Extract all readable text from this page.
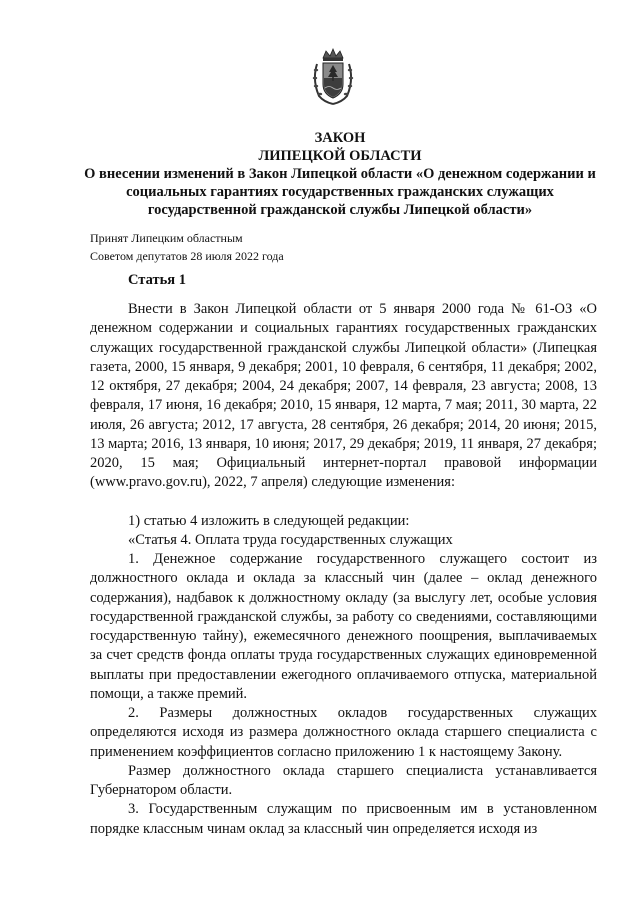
ЗАКОН
ЛИПЕЦКОЙ ОБЛАСТИ
О внесении изменений в Закон Липецкой области «О денежном содержании и социальных гарантиях государственных гражданских служащих государственной гражданской службы Липецкой области»
Принят Липецким областным
Советом депутатов 28 июля 2022 года
Статья 1

Внести в Закон Липецкой области от 5 января 2000 года № 61-ОЗ «О денежном содержании и социальных гарантиях государственных гражданских служащих государственной гражданской службы Липецкой области» (Липецкая газета, 2000, 15 января, 9 декабря; 2001, 10 февраля, 6 сентября, 11 декабря; 2002, 12 октября, 27 декабря; 2004, 24 декабря; 2007, 14 февраля, 23 августа; 2008, 13 февраля, 17 июня, 16 декабря; 2010, 15 января, 12 марта, 7 мая; 2011, 30 марта, 22 июля, 26 августа; 2012, 17 августа, 28 сентября, 26 декабря; 2014, 20 июня; 2015, 13 марта; 2016, 13 января, 10 июня; 2017, 29 декабря; 2019, 11 января, 27 декабря; 2020, 15 мая; Официальный интернет-портал правовой информации (www.pravo.gov.ru), 2022, 7 апреля) следующие изменения:

1) статью 4 изложить в следующей редакции:

«Статья 4. Оплата труда государственных служащих

1. Денежное содержание государственного служащего состоит из должностного оклада и оклада за классный чин (далее – оклад денежного содержания), надбавок к должностному окладу (за выслугу лет, особые условия государственной гражданской службы, за работу со сведениями, составляющими государственную тайну), ежемесячного денежного поощрения, выплачиваемых за счет средств фонда оплаты труда государственных служащих единовременной выплаты при предоставлении ежегодного оплачиваемого отпуска, материальной помощи, а также премий.

2. Размеры должностных окладов государственных служащих определяются исходя из размера должностного оклада старшего специалиста с применением коэффициентов согласно приложению 1 к настоящему Закону.

Размер должностного оклада старшего специалиста устанавливается Губернатором области.

3. Государственным служащим по присвоенным им в установленном порядке классным чинам оклад за классный чин определяется исходя из
